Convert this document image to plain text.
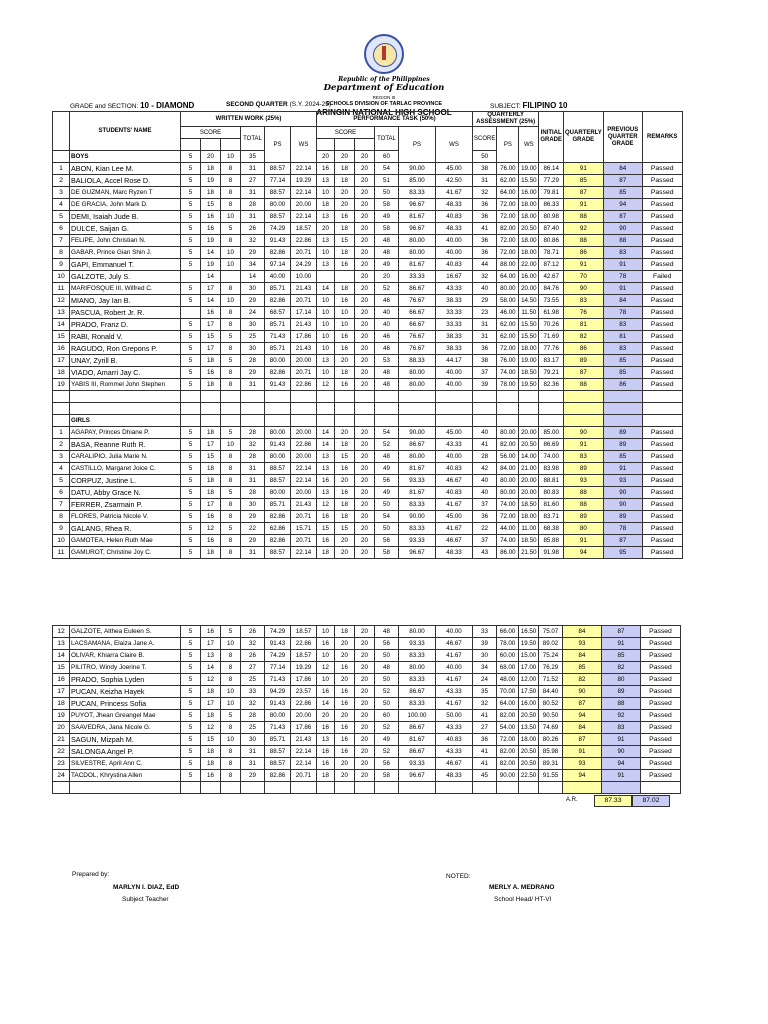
Republic of the Philippines
Department of Education
REGION III
SCHOOLS DIVISION OF TARLAC PROVINCE
ARINGIN NATIONAL HIGH SCHOOL
GRADE and SECTION: 10 - DIAMOND	SECOND QUARTER (S.Y. 2024-25)	SUBJECT: FILIPINO 10
	STUDENTS' NAME	WRITTEN WORK (25%)						PERFORMANCE TASK (50%)						QUARTERLY ASSESSMENT (25%)			INITIAL GRADE	QUARTERLY GRADE	PREVIOUS QUARTER GRADE	REMARKS
		SCORE			TOTAL	PS	WS	SCORE			TOTAL	PS	WS	SCORE	PS	WS				

	BOYS	5	20	10	35			20	20	20	60			50						
1	ABON, Kian Lee M.	5	18	8	31	88.57	22.14	16	18	20	54	90.00	45.00	38	76.00	19.00	86.14	91	84	Passed
2	BALIOLA, Accel Rose D.	5	19	8	27	77.14	19.29	13	18	20	51	85.00	42.50	31	62.00	15.50	77.29	85	87	Passed
3	DE GUZMAN, Marc Ryzen T	5	18	8	31	88.57	22.14	10	20	20	50	83.33	41.67	32	64.00	16.00	79.81	87	85	Passed
4	DE GRACIA, John Mark D.	5	15	8	28	80.00	20.00	18	20	20	58	96.67	48.33	36	72.00	18.00	86.33	91	94	Passed
5	DEMI, Isaiah Jude B.	5	16	10	31	88.57	22.14	13	16	20	49	81.67	40.83	36	72.00	18.00	80.98	88	87	Passed
6	DULCE, Saijan G.	5	16	5	26	74.29	18.57	20	18	20	58	96.67	48.33	41	82.00	20.50	87.40	92	90	Passed
7	FELIPE, John Christian N.	5	19	8	32	91.43	22.86	13	15	20	48	80.00	40.00	36	72.00	18.00	80.86	88	88	Passed
8	GABAR, Prince Gian Shin J.	5	14	10	29	82.86	20.71	10	18	20	48	80.00	40.00	36	72.00	18.00	78.71	86	83	Passed
9	GAPI, Emmanuel T.	5	19	10	34	97.14	24.29	13	16	20	49	81.67	40.83	44	88.00	22.00	87.12	91	91	Passed
10	GALZOTE, July S.		14		14	40.00	10.00			20	20	33.33	16.67	32	64.00	16.00	42.67	70	78	Failed
11	MARIFOSQUE III, Wilfred C.	5	17	8	30	85.71	21.43	14	18	20	52	86.67	43.33	40	80.00	20.00	84.76	90	91	Passed
12	MIANO, Jay Ian B.	5	14	10	29	82.86	20.71	10	16	20	46	76.67	38.33	29	58.00	14.50	73.55	83	84	Passed
13	PASCUA, Robert Jr. R.		16	8	24	68.57	17.14	10	10	20	40	66.67	33.33	23	46.00	11.50	61.98	76	78	Passed
14	PRADO, Franz D.	5	17	8	30	85.71	21.43	10	10	20	40	66.67	33.33	31	62.00	15.50	70.26	81	83	Passed
15	RABI, Ronald V.	5	15	5	25	71.43	17.86	10	16	20	46	76.67	38.33	31	62.00	15.50	71.69	82	81	Passed
16	RAGUDO, Ron Grepons P.	5	17	8	30	85.71	21.43	10	16	20	46	76.67	38.33	36	72.00	18.00	77.76	86	83	Passed
17	UNAY, Zyrill B.	5	18	5	28	80.00	20.00	13	20	20	53	88.33	44.17	38	76.00	19.00	83.17	89	85	Passed
18	VIADO, Amarri Jay C.	5	16	8	29	82.86	20.71	10	18	20	48	80.00	40.00	37	74.00	18.50	79.21	87	85	Passed
19	YABIS III, Rommel John Stephen	5	18	8	31	91.43	22.86	12	16	20	48	80.00	40.00	39	78.00	19.50	82.36	88	86	Passed

	GIRLS																			
1	AGAPAY, Princes Dhiane P.	5	18	5	28	80.00	20.00	14	20	20	54	90.00	45.00	40	80.00	20.00	85.00	90	89	Passed
2	BASA, Reanne Ruth R.	5	17	10	32	91.43	22.86	14	18	20	52	86.67	43.33	41	82.00	20.50	86.69	91	89	Passed
3	CARALIPIO, Julia Marie N.	5	15	8	28	80.00	20.00	13	15	20	48	80.00	40.00	28	56.00	14.00	74.00	83	85	Passed
4	CASTILLO, Margaret Joice C.	5	18	8	31	88.57	22.14	13	16	20	49	81.67	40.83	42	84.00	21.00	83.98	89	91	Passed
5	CORPUZ, Justine L.	5	18	8	31	88.57	22.14	16	20	20	56	93.33	46.67	40	80.00	20.00	88.81	93	93	Passed
6	DATU, Abby Grace N.	5	18	5	28	80.00	20.00	13	16	20	49	81.67	40.83	40	80.00	20.00	80.83	88	90	Passed
7	FERRER, Zsarmain P.	5	17	8	30	85.71	21.43	12	18	20	50	83.33	41.67	37	74.00	18.50	81.60	88	90	Passed
8	FLORES, Patricia Nicole V.	5	16	8	29	82.86	20.71	16	18	20	54	90.00	45.00	36	72.00	18.00	83.71	89	89	Passed
9	GALANG, Rhea R.	5	12	5	22	62.86	15.71	15	15	20	50	83.33	41.67	22	44.00	11.00	68.38	80	78	Passed
10	GAMOTEA, Helen Ruth Mae	5	16	8	29	82.86	20.71	16	20	20	56	93.33	46.67	37	74.00	18.50	85.88	91	87	Passed
11	GAMUROT, Christine Joy C.	5	18	8	31	88.57	22.14	18	20	20	58	96.67	48.33	43	86.00	21.50	91.98	94	95	Passed
12	GALZOTE, Althea Euleen S.	5	16	5	26	74.29	18.57	10	18	20	48	80.00	40.00	33	66.00	16.50	75.07	84	87	Passed
13	LACSAMANA, Elaiza Jane A.	5	17	10	32	91.43	22.86	16	20	20	56	93.33	46.67	39	78.00	19.50	89.02	93	91	Passed
14	OLIVAR, Khiarra Claire B.	5	13	8	26	74.29	18.57	10	20	20	50	83.33	41.67	30	60.00	15.00	75.24	84	85	Passed
15	PILITRO, Windy Joerine T.	5	14	8	27	77.14	19.29	12	16	20	48	80.00	40.00	34	68.00	17.00	76.29	85	82	Passed
16	PRADO, Sophia Lyden	5	12	8	25	71.43	17.86	10	20	20	50	83.33	41.67	24	48.00	12.00	71.52	82	80	Passed
17	PUCAN, Keizha Hayek	5	18	10	33	94.29	23.57	16	16	20	52	86.67	43.33	35	70.00	17.50	84.40	90	89	Passed
18	PUCAN, Princess Sofia	5	17	10	32	91.43	22.86	14	16	20	50	83.33	41.67	32	64.00	16.00	80.52	87	88	Passed
19	PUYOT, Jhean Greangel Mae	5	18	5	28	80.00	20.00	20	20	20	60	100.00	50.00	41	82.00	20.50	90.50	94	92	Passed
20	SAAVEDRA, Jana Nicole G.	5	12	8	25	71.43	17.86	16	16	20	52	86.67	43.33	27	54.00	13.50	74.69	84	83	Passed
21	SAGUN, Mizpah M.	5	15	10	30	85.71	21.43	13	16	20	49	81.67	40.83	36	72.00	18.00	80.26	87	91	Passed
22	SALONGA Angel P.	5	18	8	31	88.57	22.14	16	16	20	52	86.67	43.33	41	82.00	20.50	85.98	91	90	Passed
23	SILVESTRE, April Ann C.	5	18	8	31	88.57	22.14	16	20	20	56	93.33	46.67	41	82.00	20.50	89.31	93	94	Passed
24	TACDOL, Khrystina Allen	5	16	8	29	82.86	20.71	18	20	20	58	96.67	48.33	45	90.00	22.50	91.55	94	91	Passed

A.R.	87.33	87.02
Prepared by:
MARLYN I. DIAZ, EdD
Subject Teacher
NOTED:
MERLY A. MEDRANO
School Head/ HT-VI
